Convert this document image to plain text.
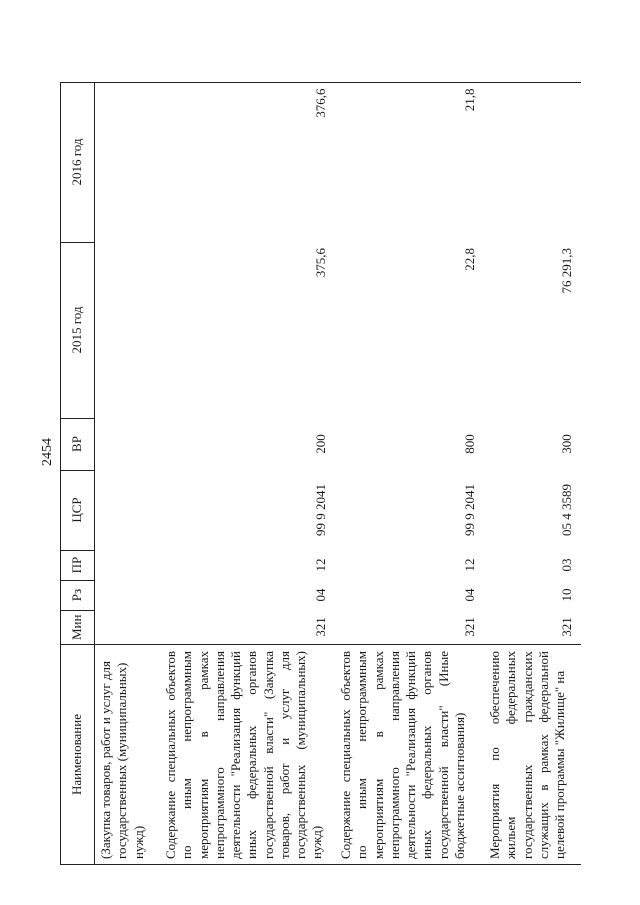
2454
Наименование	Мин	Рз	ПР	ЦСР	ВР	2015 год	2016 год
(Закупка товаров, работ и услуг для государственных (муниципальных) нужд)							
Содержание специальных объектов по иным непрограммным мероприятиям в рамках непрограммного направления деятельности "Реализация функций иных федеральных органов государственной власти" (Закупка товаров, работ и услуг для государственных (муниципальных) нужд)	321	04	12	99 9 2041	200	375,6	376,6
Содержание специальных объектов по иным непрограммным мероприятиям в рамках непрограммного направления деятельности "Реализация функций иных федеральных органов государственной власти" (Иные бюджетные ассигнования)	321	04	12	99 9 2041	800	22,8	21,8
Мероприятия по обеспечению жильем федеральных государственных гражданских служащих в рамках федеральной целевой программы "Жилище" на	321	10	03	05 4 3589	300	76 291,3	
